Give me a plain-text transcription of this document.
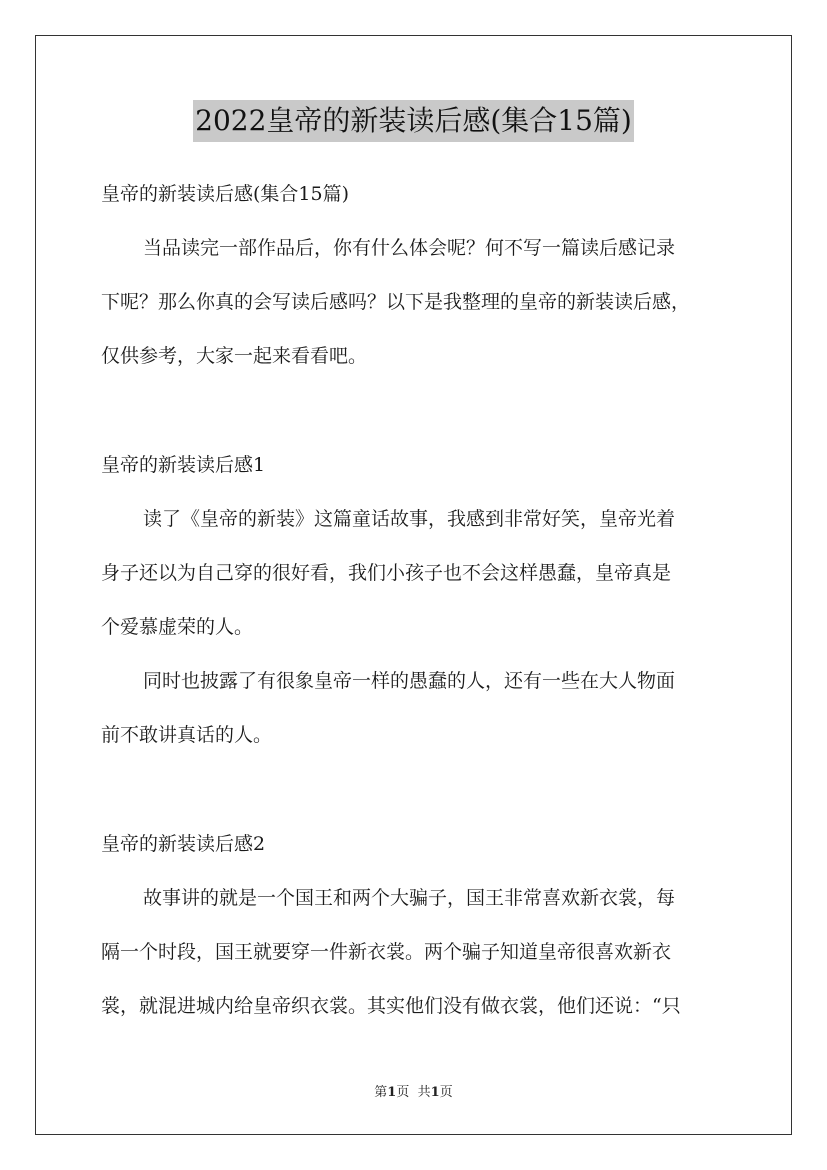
2022皇帝的新装读后感(集合15篇)
皇帝的新装读后感(集合15篇)
当品读完一部作品后，你有什么体会呢？何不写一篇读后感记录
下呢？那么你真的会写读后感吗？以下是我整理的皇帝的新装读后感，
仅供参考，大家一起来看看吧。
皇帝的新装读后感1
读了《皇帝的新装》这篇童话故事，我感到非常好笑，皇帝光着
身子还以为自己穿的很好看，我们小孩子也不会这样愚蠢，皇帝真是
个爱慕虚荣的人。
同时也披露了有很象皇帝一样的愚蠢的人，还有一些在大人物面
前不敢讲真话的人。
皇帝的新装读后感2
故事讲的就是一个国王和两个大骗子，国王非常喜欢新衣裳，每
隔一个时段，国王就要穿一件新衣裳。两个骗子知道皇帝很喜欢新衣
裳，就混进城内给皇帝织衣裳。其实他们没有做衣裳，他们还说：“只
第1页 共1页
